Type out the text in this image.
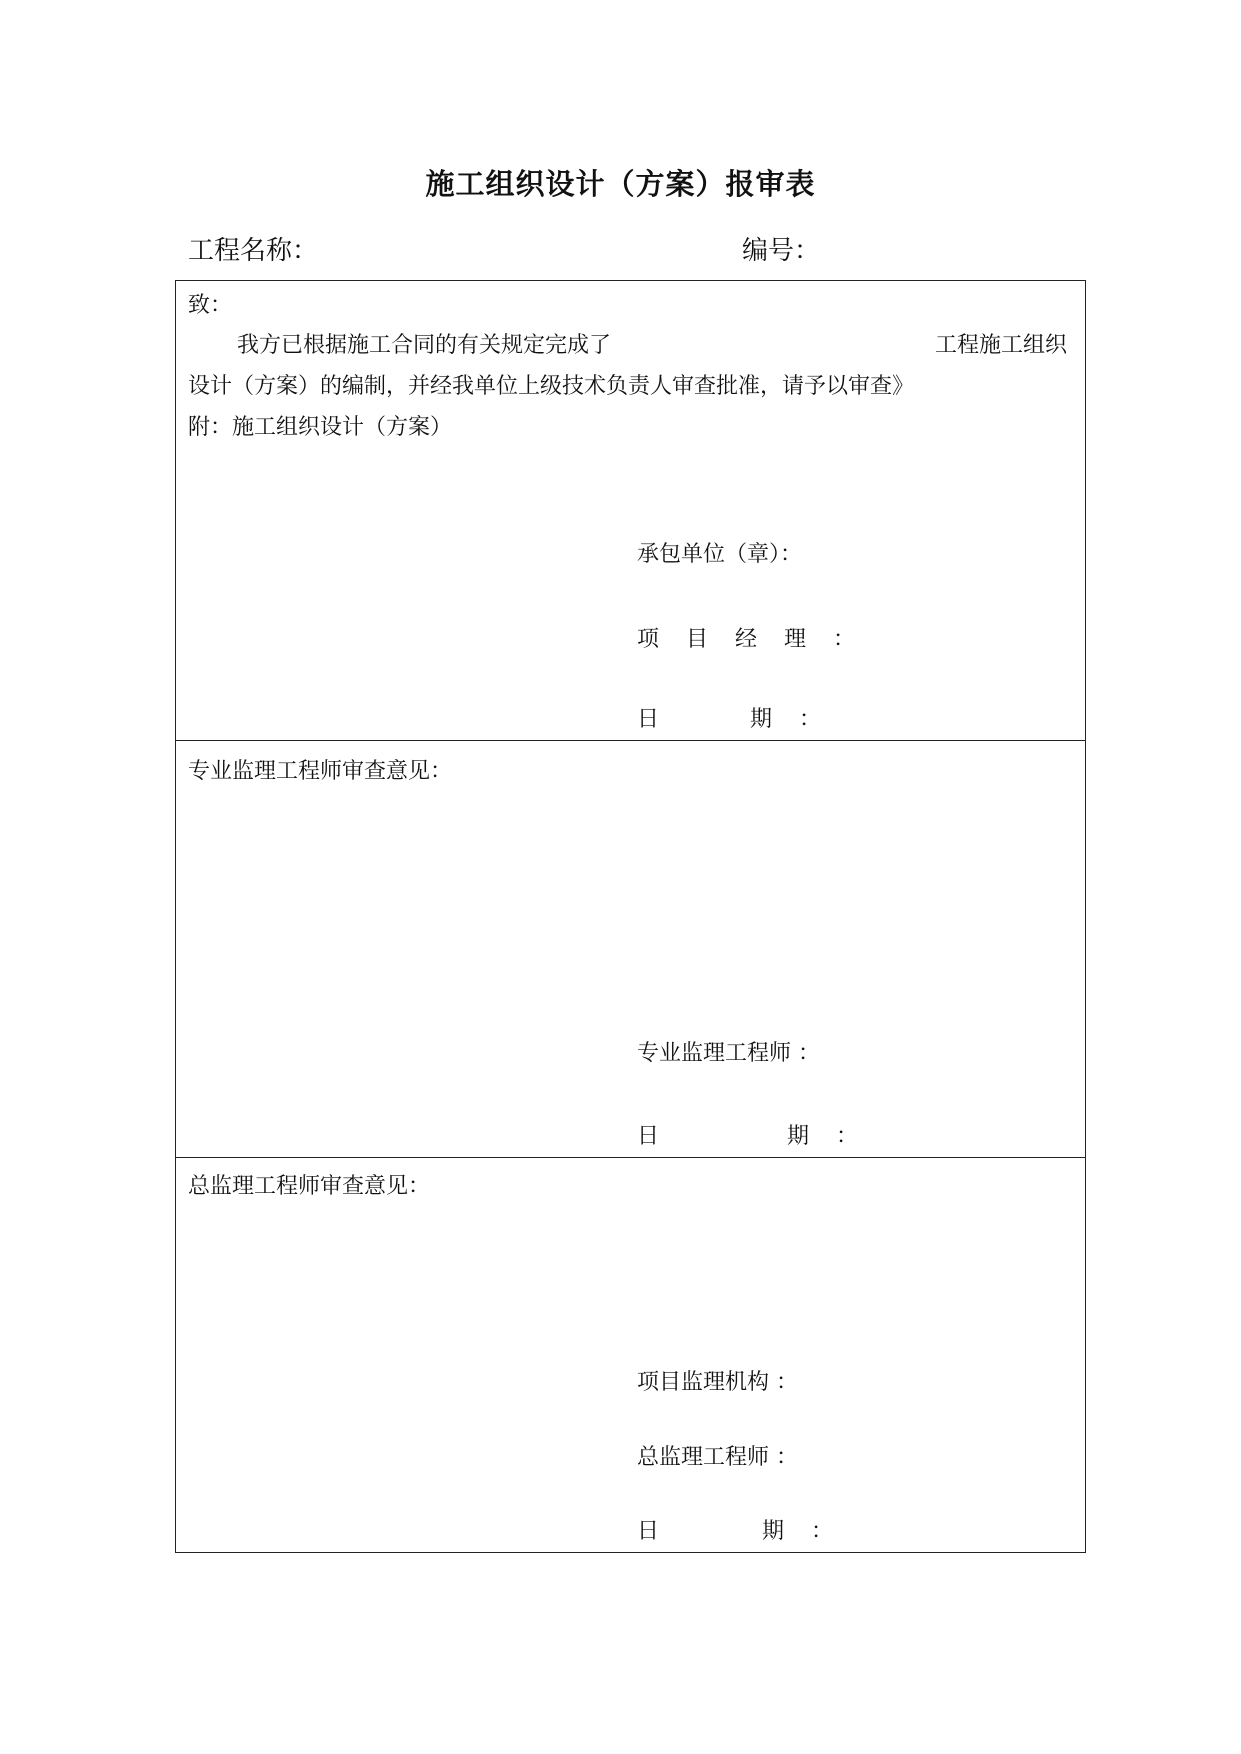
施工组织设计（方案）报审表
工程名称：	编号：
致：
我方已根据施工合同的有关规定完成了	工程施工组织
设计（方案）的编制，并经我单位上级技术负责人审查批准，请予以审查》
附：施工组织设计（方案）
承包单位（章）：
项 目 经 理 ：
日	期 ：
专业监理工程师审查意见：
专业监理工程师 ：
日	期 ：
总监理工程师审查意见：
项目监理机构 ：
总监理工程师 ：
日	期 ：
